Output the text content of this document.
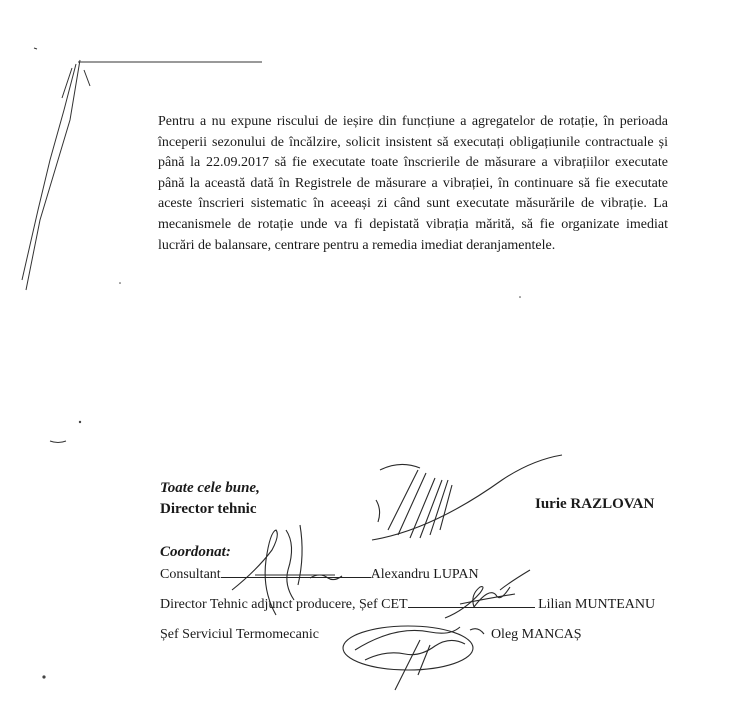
Pentru a nu expune riscului de ieșire din funcțiune a agregatelor de rotație, în perioada începerii sezonului de încălzire, solicit insistent să executați obligațiunile contractuale și până la 22.09.2017 să fie executate toate înscrierile de măsurare a vibrațiilor executate până la această dată în Registrele de măsurare a vibrației, în continuare să fie executate aceste înscrieri sistematic în aceeași zi când sunt executate măsurările de vibrație. La mecanismele de rotație unde va fi depistată vibrația mărită, să fie organizate imediat lucrări de balansare, centrare pentru a remedia imediat deranjamentele.
Toate cele bune,
Director tehnic	Iurie RAZLOVAN
Coordonat:
Consultant	Alexandru LUPAN
Director Tehnic adjunct producere, Șef CET	Lilian MUNTEANU
Șef Serviciul Termomecanic	Oleg MANCAȘ
